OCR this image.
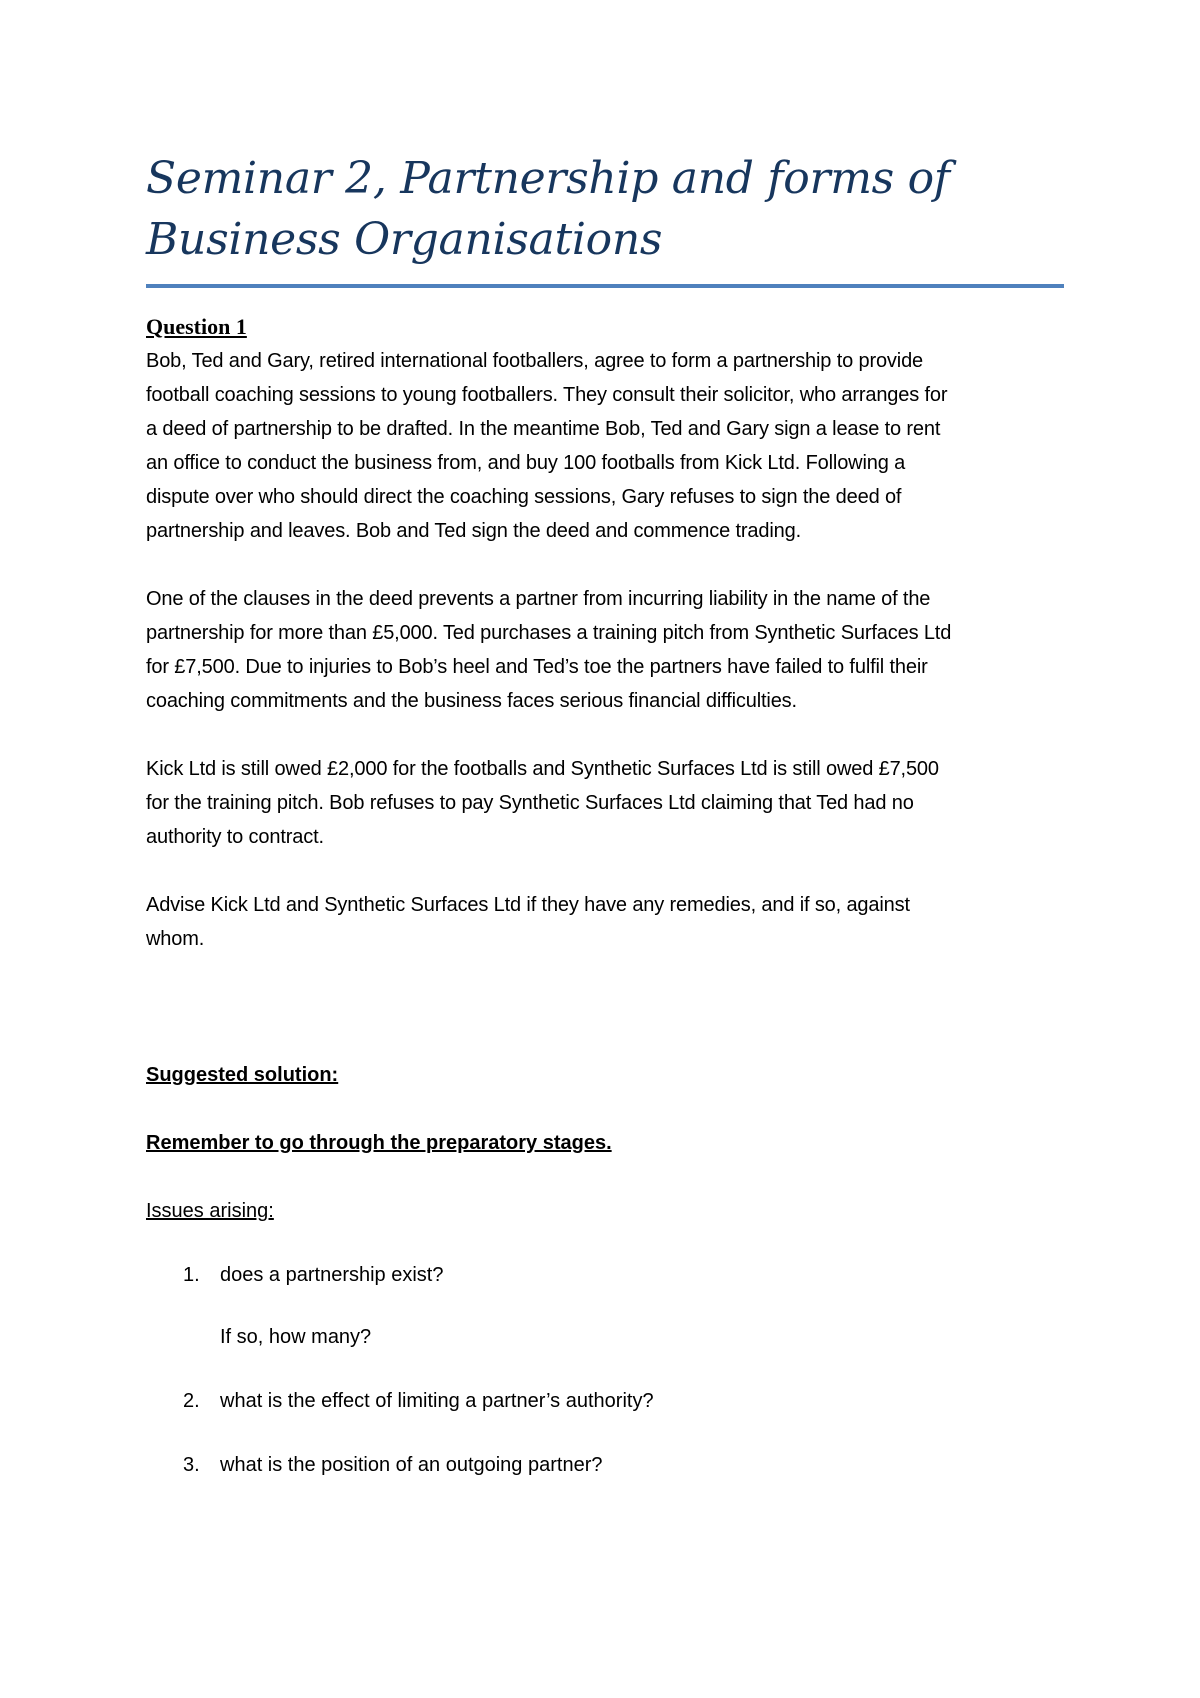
Seminar 2, Partnership and forms of
Business Organisations
Question 1

Bob, Ted and Gary, retired international footballers, agree to form a partnership to provide
football coaching sessions to young footballers. They consult their solicitor, who arranges for
a deed of partnership to be drafted. In the meantime Bob, Ted and Gary sign a lease to rent
an office to conduct the business from, and buy 100 footballs from Kick Ltd. Following a
dispute over who should direct the coaching sessions, Gary refuses to sign the deed of
partnership and leaves. Bob and Ted sign the deed and commence trading.

One of the clauses in the deed prevents a partner from incurring liability in the name of the
partnership for more than £5,000. Ted purchases a training pitch from Synthetic Surfaces Ltd
for £7,500. Due to injuries to Bob’s heel and Ted’s toe the partners have failed to fulfil their
coaching commitments and the business faces serious financial difficulties.

Kick Ltd is still owed £2,000 for the footballs and Synthetic Surfaces Ltd is still owed £7,500
for the training pitch. Bob refuses to pay Synthetic Surfaces Ltd claiming that Ted had no
authority to contract.

Advise Kick Ltd and Synthetic Surfaces Ltd if they have any remedies, and if so, against
whom.

Suggested solution:
Remember to go through the preparatory stages.
Issues arising:
1. does a partnership exist?
If so, how many?
2. what is the effect of limiting a partner’s authority?
3. what is the position of an outgoing partner?
